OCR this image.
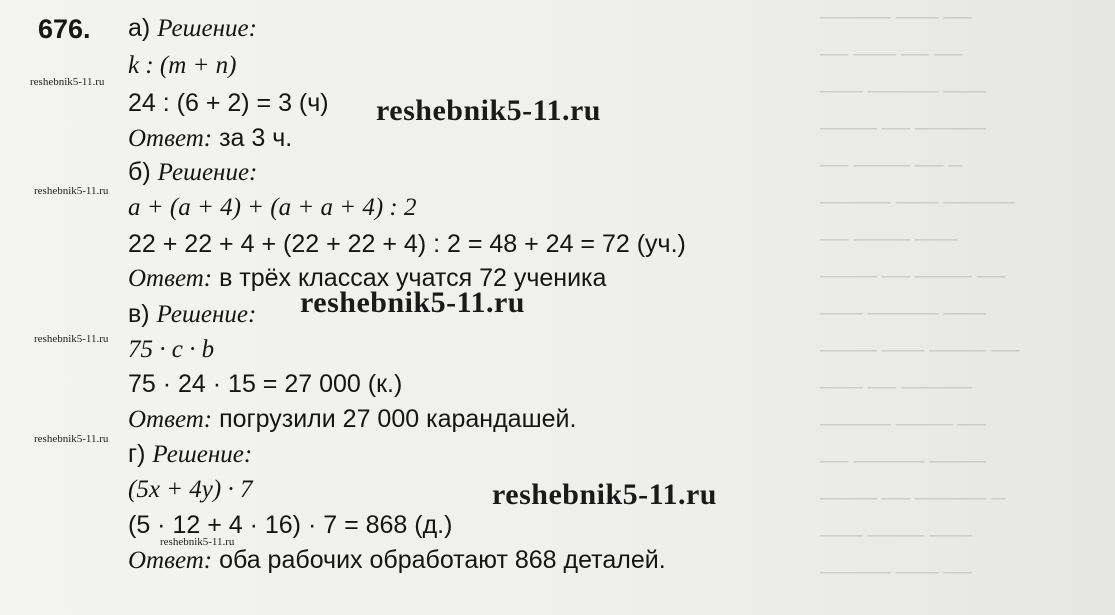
───── ─── ──
── ─── ── ──
─── ───── ───
──── ── ─────
── ──── ── ─
───── ─── ─────
── ──── ───
──── ── ──── ──
─── ───── ───
──── ─── ──── ──
─── ── ─────
───── ──── ──
── ───── ────
──── ── ───── ─
─── ──── ───
───── ─── ──
676. а) Решение:
k : (m + n)
24 : (6 + 2) = 3 (ч)
Ответ: за 3 ч.
б) Решение:
a + (a + 4) + (a + a + 4) : 2
22 + 22 + 4 + (22 + 22 + 4) : 2 = 48 + 24 = 72 (уч.)
Ответ: в трёх классах учатся 72 ученика
в) Решение:
75 · c · b
75 · 24 · 15 = 27 000 (к.)
Ответ: погрузили 27 000 карандашей.
г) Решение:
(5x + 4y) · 7
(5 · 12 + 4 · 16) · 7 = 868 (д.)
Ответ: оба рабочих обработают 868 деталей.
reshebnik5-11.ru
reshebnik5-11.ru
reshebnik5-11.ru
reshebnik5-11.ru
reshebnik5-11.ru
reshebnik5-11.ru
reshebnik5-11.ru
reshebnik5-11.ru
